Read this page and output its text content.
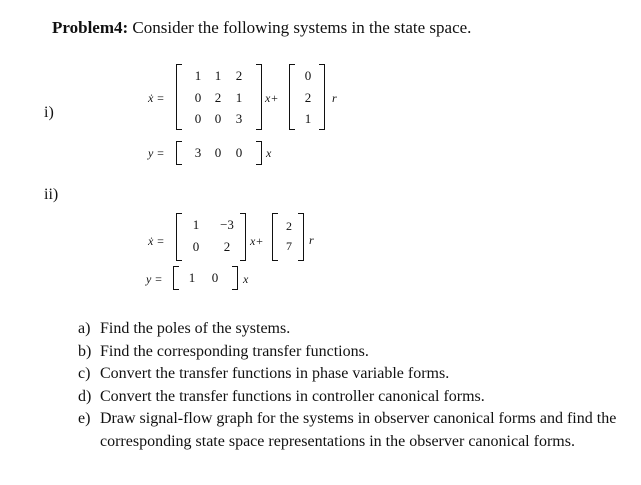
Problem4: Consider the following systems in the state space.
i)
ẋ =
1	1	2
0	2	1
0	0	3
x+
0
2
1
r
y =	3	0	0	x
ii)
ẋ =
1	−3
0	2	x+
2
7	r
y =	1	0	x
a) Find the poles of the systems.
b) Find the corresponding transfer functions.
c) Convert the transfer functions in phase variable forms.
d) Convert the transfer functions in controller canonical forms.
e) Draw signal-flow graph for the systems in observer canonical forms and find the corresponding state space representations in the observer canonical forms.
